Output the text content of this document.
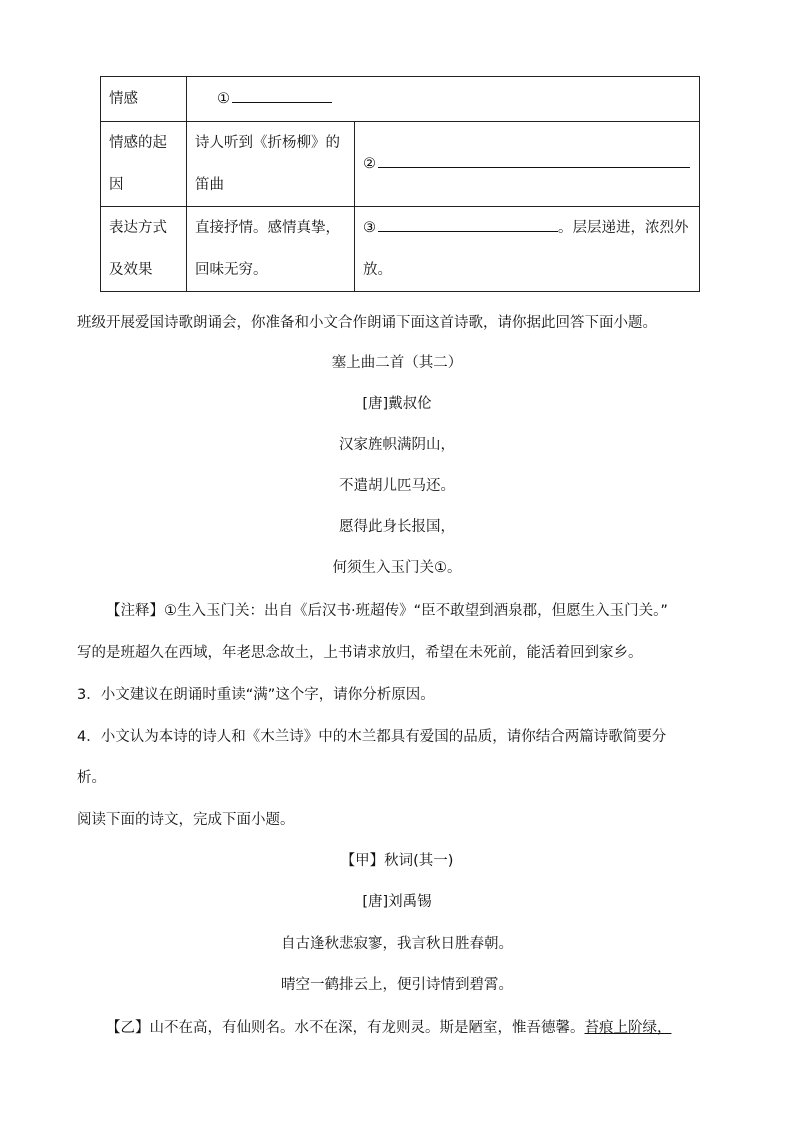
情感	①	
情感的起因	诗人听到《折杨柳》的笛曲	②
表达方式及效果	直接抒情。感情真挚，回味无穷。	③ 。层层递进，浓烈外放。
班级开展爱国诗歌朗诵会，你准备和小文合作朗诵下面这首诗歌，请你据此回答下面小题。
塞上曲二首（其二）
[唐]戴叔伦
汉家旌帜满阴山，
不遣胡儿匹马还。
愿得此身长报国，
何须生入玉门关①。
【注释】①生入玉门关：出自《后汉书·班超传》“臣不敢望到酒泉郡，但愿生入玉门关。”
写的是班超久在西域，年老思念故土，上书请求放归，希望在未死前，能活着回到家乡。
3．小文建议在朗诵时重读“满”这个字，请你分析原因。
4．小文认为本诗的诗人和《木兰诗》中的木兰都具有爱国的品质，请你结合两篇诗歌简要分
析。
阅读下面的诗文，完成下面小题。
【甲】秋词(其一)
[唐]刘禹锡
自古逢秋悲寂寥，我言秋日胜春朝。
晴空一鹤排云上，便引诗情到碧霄。
【乙】山不在高，有仙则名。水不在深，有龙则灵。斯是陋室，惟吾德馨。苔痕上阶绿，
